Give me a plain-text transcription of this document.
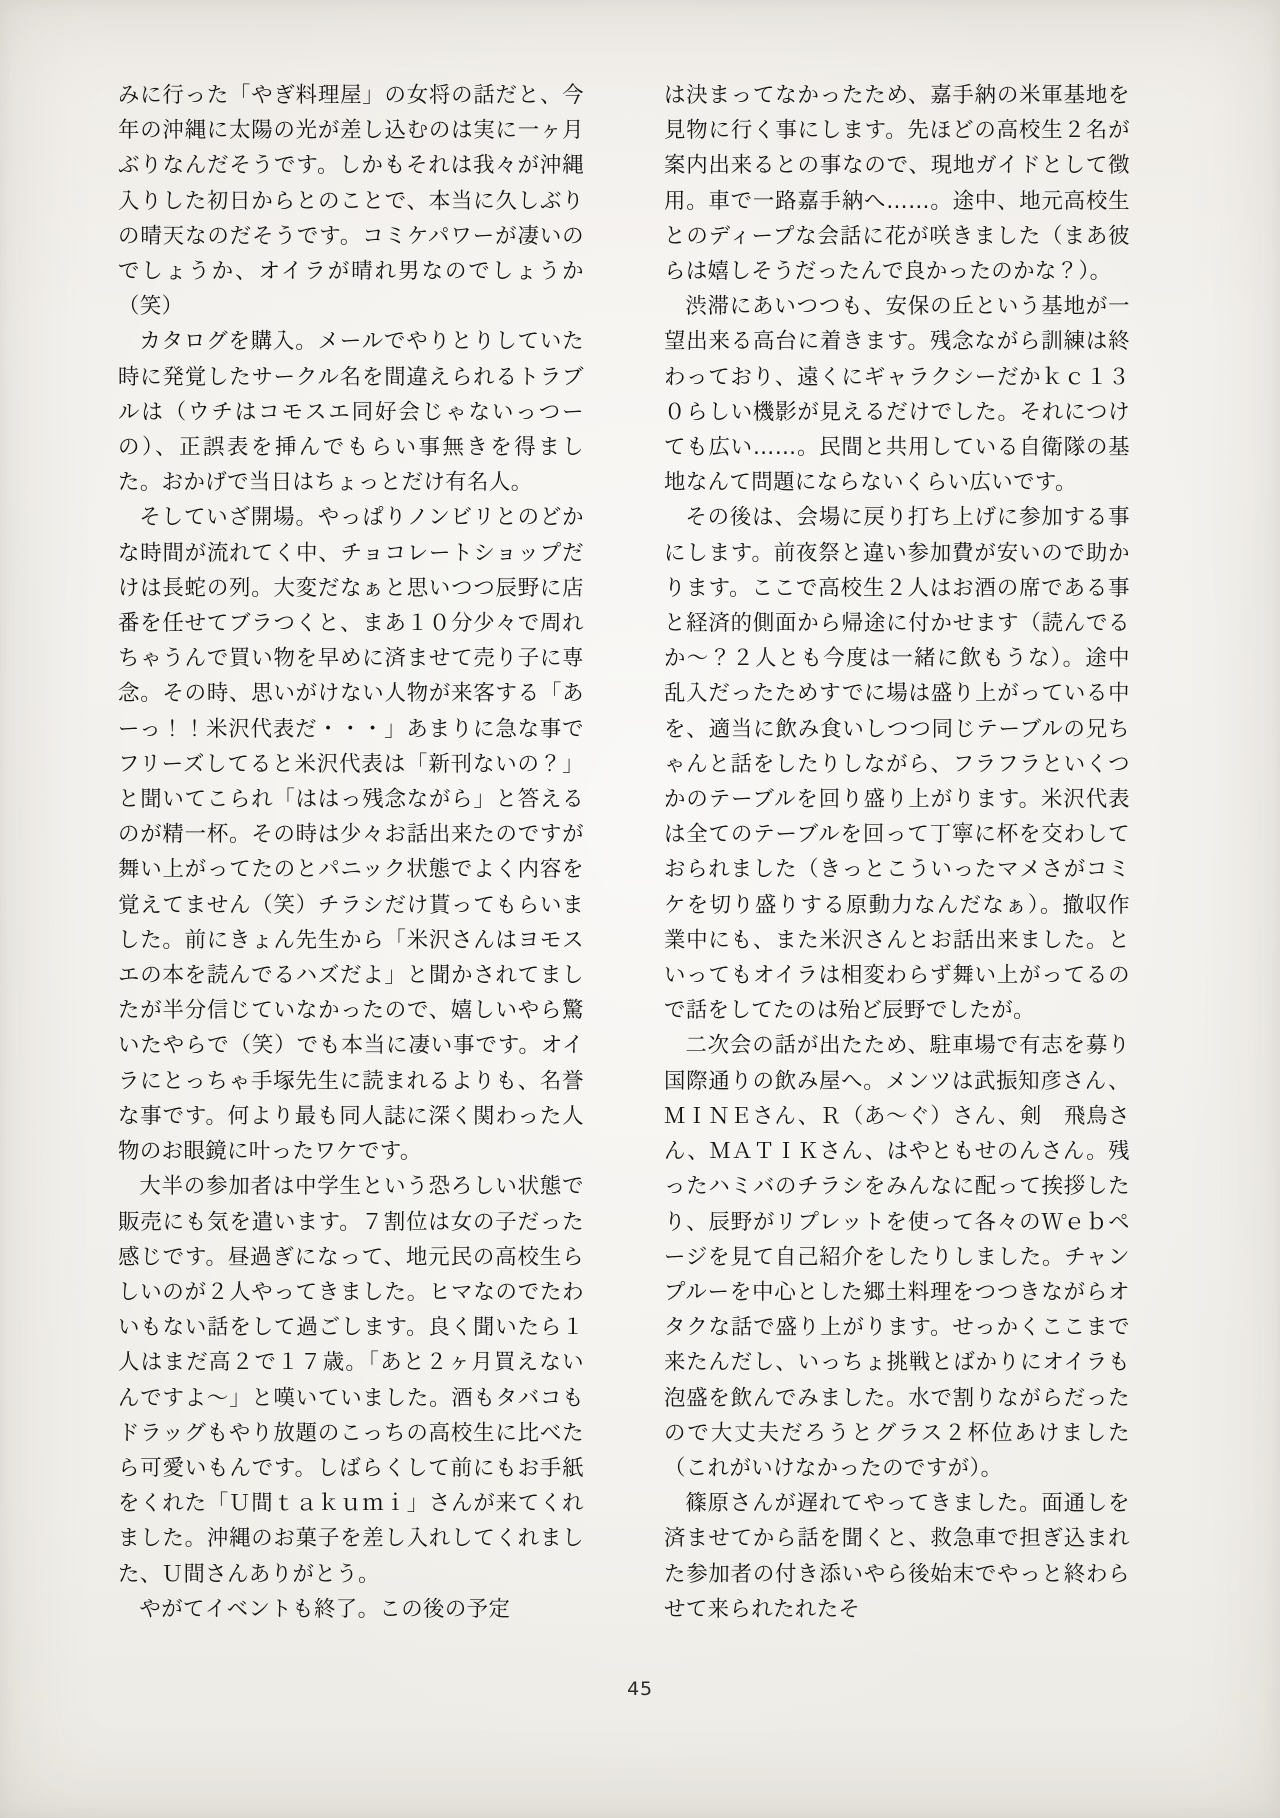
みに行った「やぎ料理屋」の女将の話だと、今年の沖縄に太陽の光が差し込むのは実に一ヶ月ぶりなんだそうです。しかもそれは我々が沖縄入りした初日からとのことで、本当に久しぶりの晴天なのだそうです。コミケパワーが凄いのでしょうか、オイラが晴れ男なのでしょうか（笑）

カタログを購入。メールでやりとりしていた時に発覚したサークル名を間違えられるトラブルは（ウチはコモスエ同好会じゃないっつーの）、正誤表を挿んでもらい事無きを得ました。おかげで当日はちょっとだけ有名人。

そしていざ開場。やっぱりノンビリとのどかな時間が流れてく中、チョコレートショップだけは長蛇の列。大変だなぁと思いつつ辰野に店番を任せてブラつくと、まあ１０分少々で周れちゃうんで買い物を早めに済ませて売り子に専念。その時、思いがけない人物が来客する「あーっ！！米沢代表だ・・・」あまりに急な事でフリーズしてると米沢代表は「新刊ないの？」と聞いてこられ「ははっ残念ながら」と答えるのが精一杯。その時は少々お話出来たのですが舞い上がってたのとパニック状態でよく内容を覚えてません（笑）チラシだけ貰ってもらいました。前にきょん先生から「米沢さんはヨモスエの本を読んでるハズだよ」と聞かされてましたが半分信じていなかったので、嬉しいやら驚いたやらで（笑）でも本当に凄い事です。オイラにとっちゃ手塚先生に読まれるよりも、名誉な事です。何より最も同人誌に深く関わった人物のお眼鏡に叶ったワケです。

大半の参加者は中学生という恐ろしい状態で販売にも気を遣います。７割位は女の子だった感じです。昼過ぎになって、地元民の高校生らしいのが２人やってきました。ヒマなのでたわいもない話をして過ごします。良く聞いたら１人はまだ高２で１７歳。「あと２ヶ月買えないんですよ～」と嘆いていました。酒もタバコもドラッグもやり放題のこっちの高校生に比べたら可愛いもんです。しばらくして前にもお手紙をくれた「Ｕ間ｔａｋｕｍｉ」さんが来てくれました。沖縄のお菓子を差し入れしてくれました、Ｕ間さんありがとう。

やがてイベントも終了。この後の予定

は決まってなかったため、嘉手納の米軍基地を見物に行く事にします。先ほどの高校生２名が案内出来るとの事なので、現地ガイドとして徴用。車で一路嘉手納へ……。途中、地元高校生とのディープな会話に花が咲きました（まあ彼らは嬉しそうだったんで良かったのかな？）。

渋滞にあいつつも、安保の丘という基地が一望出来る高台に着きます。残念ながら訓練は終わっており、遠くにギャラクシーだかｋｃ１３０らしい機影が見えるだけでした。それにつけても広い……。民間と共用している自衛隊の基地なんて問題にならないくらい広いです。

その後は、会場に戻り打ち上げに参加する事にします。前夜祭と違い参加費が安いので助かります。ここで高校生２人はお酒の席である事と経済的側面から帰途に付かせます（読んでるか～？２人とも今度は一緒に飲もうな）。途中乱入だったためすでに場は盛り上がっている中を、適当に飲み食いしつつ同じテーブルの兄ちゃんと話をしたりしながら、フラフラといくつかのテーブルを回り盛り上がります。米沢代表は全てのテーブルを回って丁寧に杯を交わしておられました（きっとこういったマメさがコミケを切り盛りする原動力なんだなぁ）。撤収作業中にも、また米沢さんとお話出来ました。といってもオイラは相変わらず舞い上がってるので話をしてたのは殆ど辰野でしたが。

二次会の話が出たため、駐車場で有志を募り国際通りの飲み屋へ。メンツは武振知彦さん、ＭＩＮＥさん、Ｒ（あ～ぐ）さん、剣　飛鳥さん、ＭＡＴＩＫさん、はやともせのんさん。残ったハミバのチラシをみんなに配って挨拶したり、辰野がリプレットを使って各々のＷｅｂページを見て自己紹介をしたりしました。チャンプルーを中心とした郷土料理をつつきながらオタクな話で盛り上がります。せっかくここまで来たんだし、いっちょ挑戦とばかりにオイラも泡盛を飲んでみました。水で割りながらだったので大丈夫だろうとグラス２杯位あけました（これがいけなかったのですが）。

篠原さんが遅れてやってきました。面通しを済ませてから話を聞くと、救急車で担ぎ込まれた参加者の付き添いやら後始末でやっと終わらせて来られたれたそ

45
